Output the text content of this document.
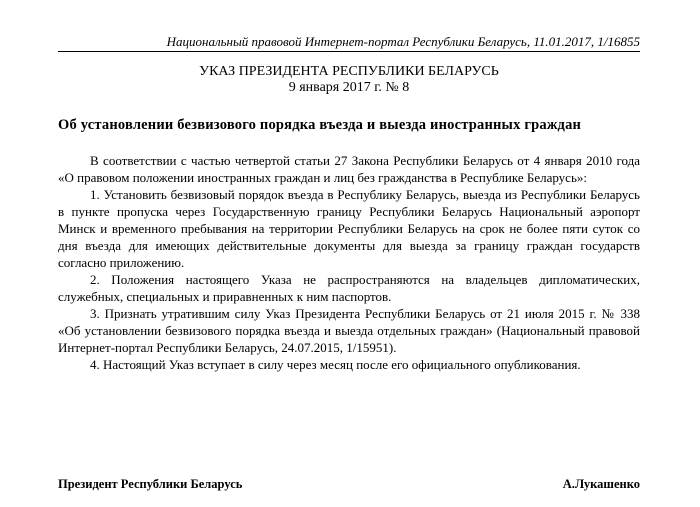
Национальный правовой Интернет-портал Республики Беларусь, 11.01.2017, 1/16855
УКАЗ ПРЕЗИДЕНТА РЕСПУБЛИКИ БЕЛАРУСЬ
9 января 2017 г. № 8
Об установлении безвизового порядка въезда и выезда иностранных граждан

В соответствии с частью четвертой статьи 27 Закона Республики Беларусь от 4 января 2010 года «О правовом положении иностранных граждан и лиц без гражданства в Республике Беларусь»:

1. Установить безвизовый порядок въезда в Республику Беларусь, выезда из Республики Беларусь в пункте пропуска через Государственную границу Республики Беларусь Национальный аэропорт Минск и временного пребывания на территории Республики Беларусь на срок не более пяти суток со дня въезда для имеющих действительные документы для выезда за границу граждан государств согласно приложению.

2. Положения настоящего Указа не распространяются на владельцев дипломатических, служебных, специальных и приравненных к ним паспортов.

3. Признать утратившим силу Указ Президента Республики Беларусь от 21 июля 2015 г. № 338 «Об установлении безвизового порядка въезда и выезда отдельных граждан» (Национальный правовой Интернет-портал Республики Беларусь, 24.07.2015, 1/15951).

4. Настоящий Указ вступает в силу через месяц после его официального опубликования.

Президент Республики Беларусь	А.Лукашенко
